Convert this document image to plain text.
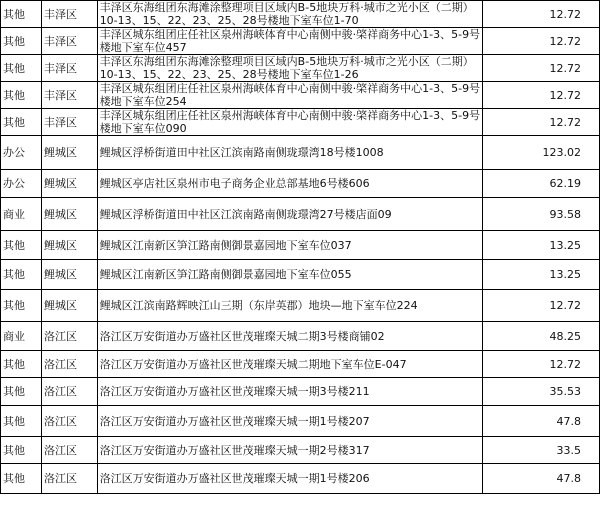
其他	丰泽区	丰泽区东海组团东海滩涂整理项目区域内B-5地块万科·城市之光小区（二期）10-13、15、22、23、25、28号楼地下室车位1-70	12.72
其他	丰泽区	丰泽区城东组团庄任社区泉州海峡体育中心南侧中骏·棨祥商务中心1-3、5-9号楼地下室车位457	12.72
其他	丰泽区	丰泽区东海组团东海滩涂整理项目区域内B-5地块万科·城市之光小区（二期）10-13、15、22、23、25、28号楼地下室车位1-26	12.72
其他	丰泽区	丰泽区城东组团庄任社区泉州海峡体育中心南侧中骏·棨祥商务中心1-3、5-9号楼地下室车位254	12.72
其他	丰泽区	丰泽区城东组团庄任社区泉州海峡体育中心南侧中骏·棨祥商务中心1-3、5-9号楼地下室车位090	12.72
办公	鲤城区	鲤城区浮桥街道田中社区江滨南路南侧珑璟湾18号楼1008	123.02
办公	鲤城区	鲤城区亭店社区泉州市电子商务企业总部基地6号楼606	62.19
商业	鲤城区	鲤城区浮桥街道田中社区江滨南路南侧珑璟湾27号楼店面09	93.58
其他	鲤城区	鲤城区江南新区笋江路南侧御景嘉园地下室车位037	13.25
其他	鲤城区	鲤城区江南新区笋江路南侧御景嘉园地下室车位055	13.25
其他	鲤城区	鲤城区江滨南路辉映江山三期（东岸英郡）地块—地下室车位224	12.72
商业	洛江区	洛江区万安街道办万盛社区世茂璀璨天城二期3号楼商铺02	48.25
其他	洛江区	洛江区万安街道办万盛社区世茂璀璨天城二期地下室车位E-047	12.72
其他	洛江区	洛江区万安街道办万盛社区世茂璀璨天城一期3号楼211	35.53
其他	洛江区	洛江区万安街道办万盛社区世茂璀璨天城一期1号楼207	47.8
其他	洛江区	洛江区万安街道办万盛社区世茂璀璨天城一期2号楼317	33.5
其他	洛江区	洛江区万安街道办万盛社区世茂璀璨天城一期1号楼206	47.8
